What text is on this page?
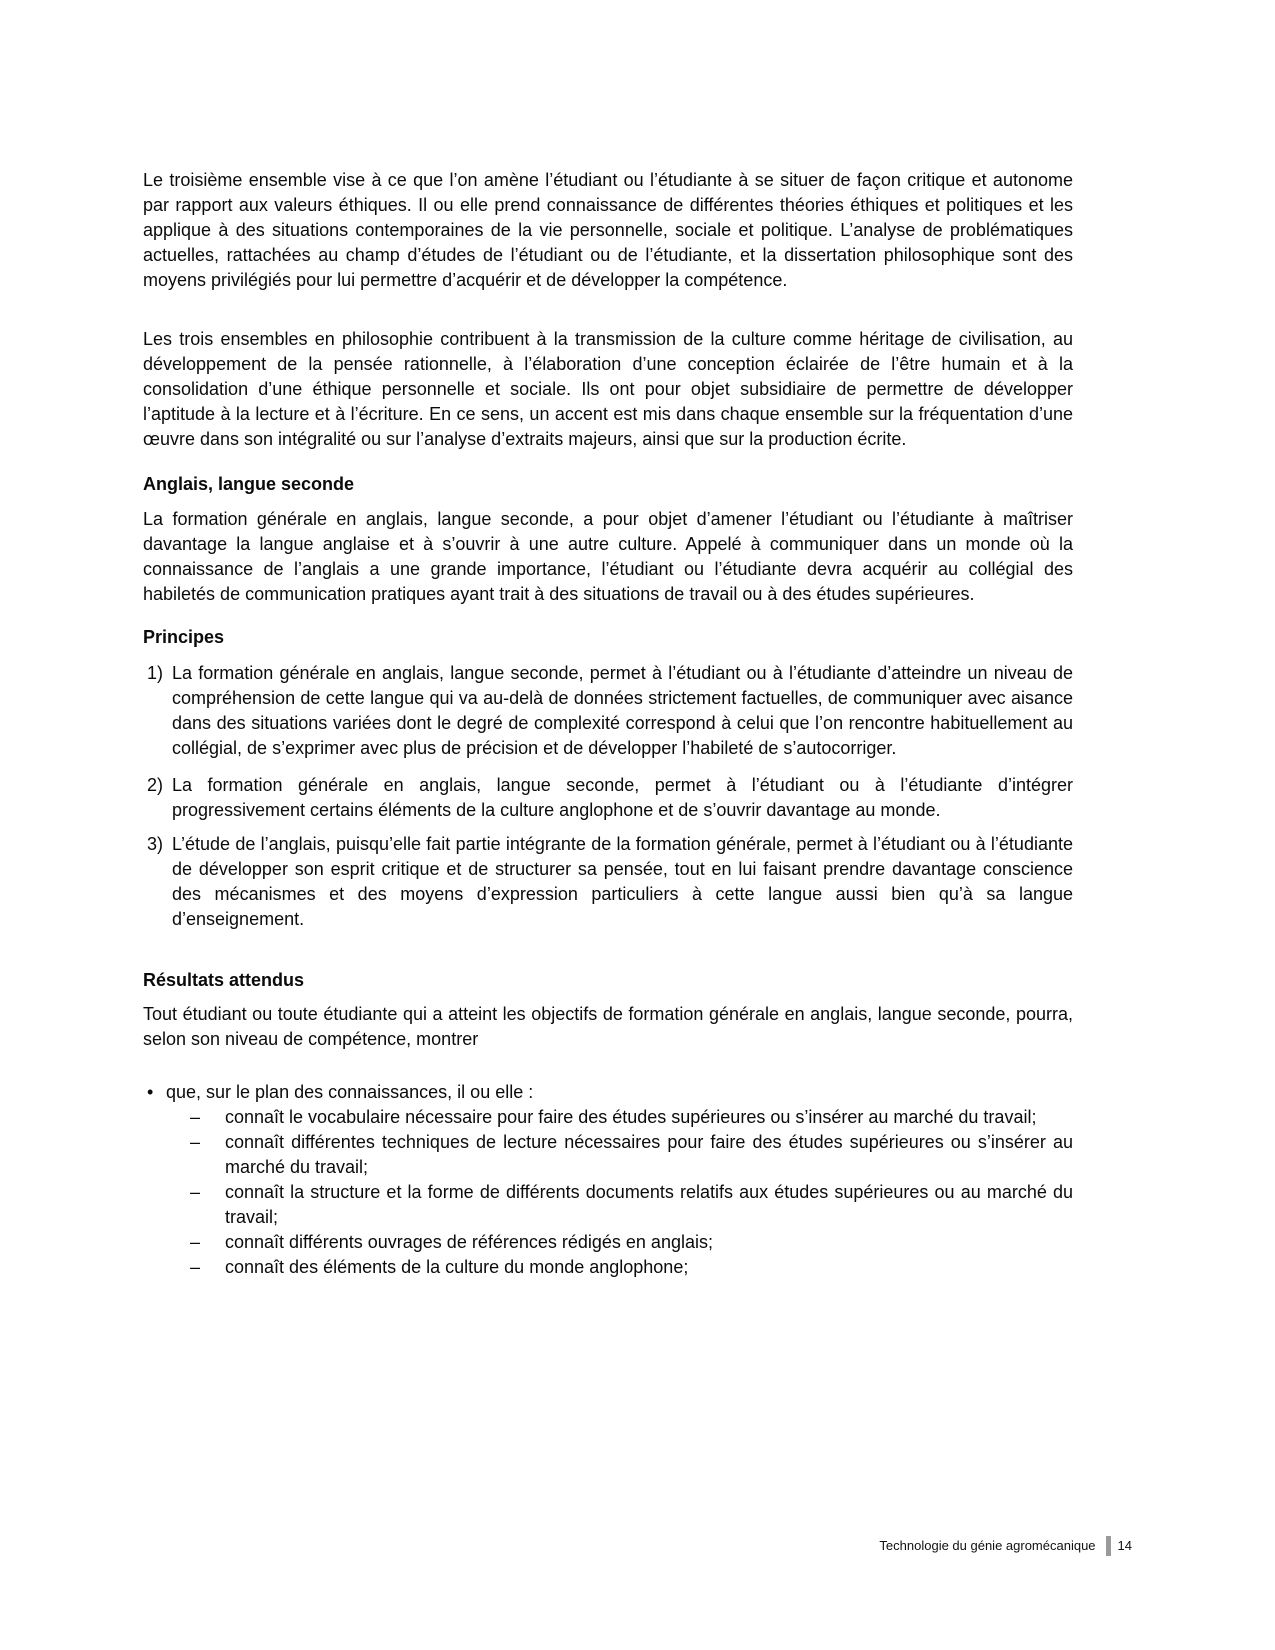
Le troisième ensemble vise à ce que l’on amène l’étudiant ou l’étudiante à se situer de façon critique et autonome par rapport aux valeurs éthiques. Il ou elle prend connaissance de différentes théories éthiques et politiques et les applique à des situations contemporaines de la vie personnelle, sociale et politique. L’analyse de problématiques actuelles, rattachées au champ d’études de l’étudiant ou de l’étudiante, et la dissertation philosophique sont des moyens privilégiés pour lui permettre d’acquérir et de développer la compétence.

Les trois ensembles en philosophie contribuent à la transmission de la culture comme héritage de civilisation, au développement de la pensée rationnelle, à l’élaboration d’une conception éclairée de l’être humain et à la consolidation d’une éthique personnelle et sociale. Ils ont pour objet subsidiaire de permettre de développer l’aptitude à la lecture et à l’écriture. En ce sens, un accent est mis dans chaque ensemble sur la fréquentation d’une œuvre dans son intégralité ou sur l’analyse d’extraits majeurs, ainsi que sur la production écrite.

Anglais, langue seconde

La formation générale en anglais, langue seconde, a pour objet d’amener l’étudiant ou l’étudiante à maîtriser davantage la langue anglaise et à s’ouvrir à une autre culture. Appelé à communiquer dans un monde où la connaissance de l’anglais a une grande importance, l’étudiant ou l’étudiante devra acquérir au collégial des habiletés de communication pratiques ayant trait à des situations de travail ou à des études supérieures.

Principes
1) La formation générale en anglais, langue seconde, permet à l’étudiant ou à l’étudiante d’atteindre un niveau de compréhension de cette langue qui va au-delà de données strictement factuelles, de communiquer avec aisance dans des situations variées dont le degré de complexité correspond à celui que l’on rencontre habituellement au collégial, de s’exprimer avec plus de précision et de développer l’habileté de s’autocorriger.
2) La formation générale en anglais, langue seconde, permet à l’étudiant ou à l’étudiante d’intégrer progressivement certains éléments de la culture anglophone et de s’ouvrir davantage au monde.
3) L’étude de l’anglais, puisqu’elle fait partie intégrante de la formation générale, permet à l’étudiant ou à l’étudiante de développer son esprit critique et de structurer sa pensée, tout en lui faisant prendre davantage conscience des mécanismes et des moyens d’expression particuliers à cette langue aussi bien qu’à sa langue d’enseignement.
Résultats attendus

Tout étudiant ou toute étudiante qui a atteint les objectifs de formation générale en anglais, langue seconde, pourra, selon son niveau de compétence, montrer

• que, sur le plan des connaissances, il ou elle :
–	connaît le vocabulaire nécessaire pour faire des études supérieures ou s’insérer au marché du travail;
–	connaît différentes techniques de lecture nécessaires pour faire des études supérieures ou s’insérer au marché du travail;
–	connaît la structure et la forme de différents documents relatifs aux études supérieures ou au marché du travail;
–	connaît différents ouvrages de références rédigés en anglais;
–	connaît des éléments de la culture du monde anglophone;
Technologie du génie agromécanique 14
